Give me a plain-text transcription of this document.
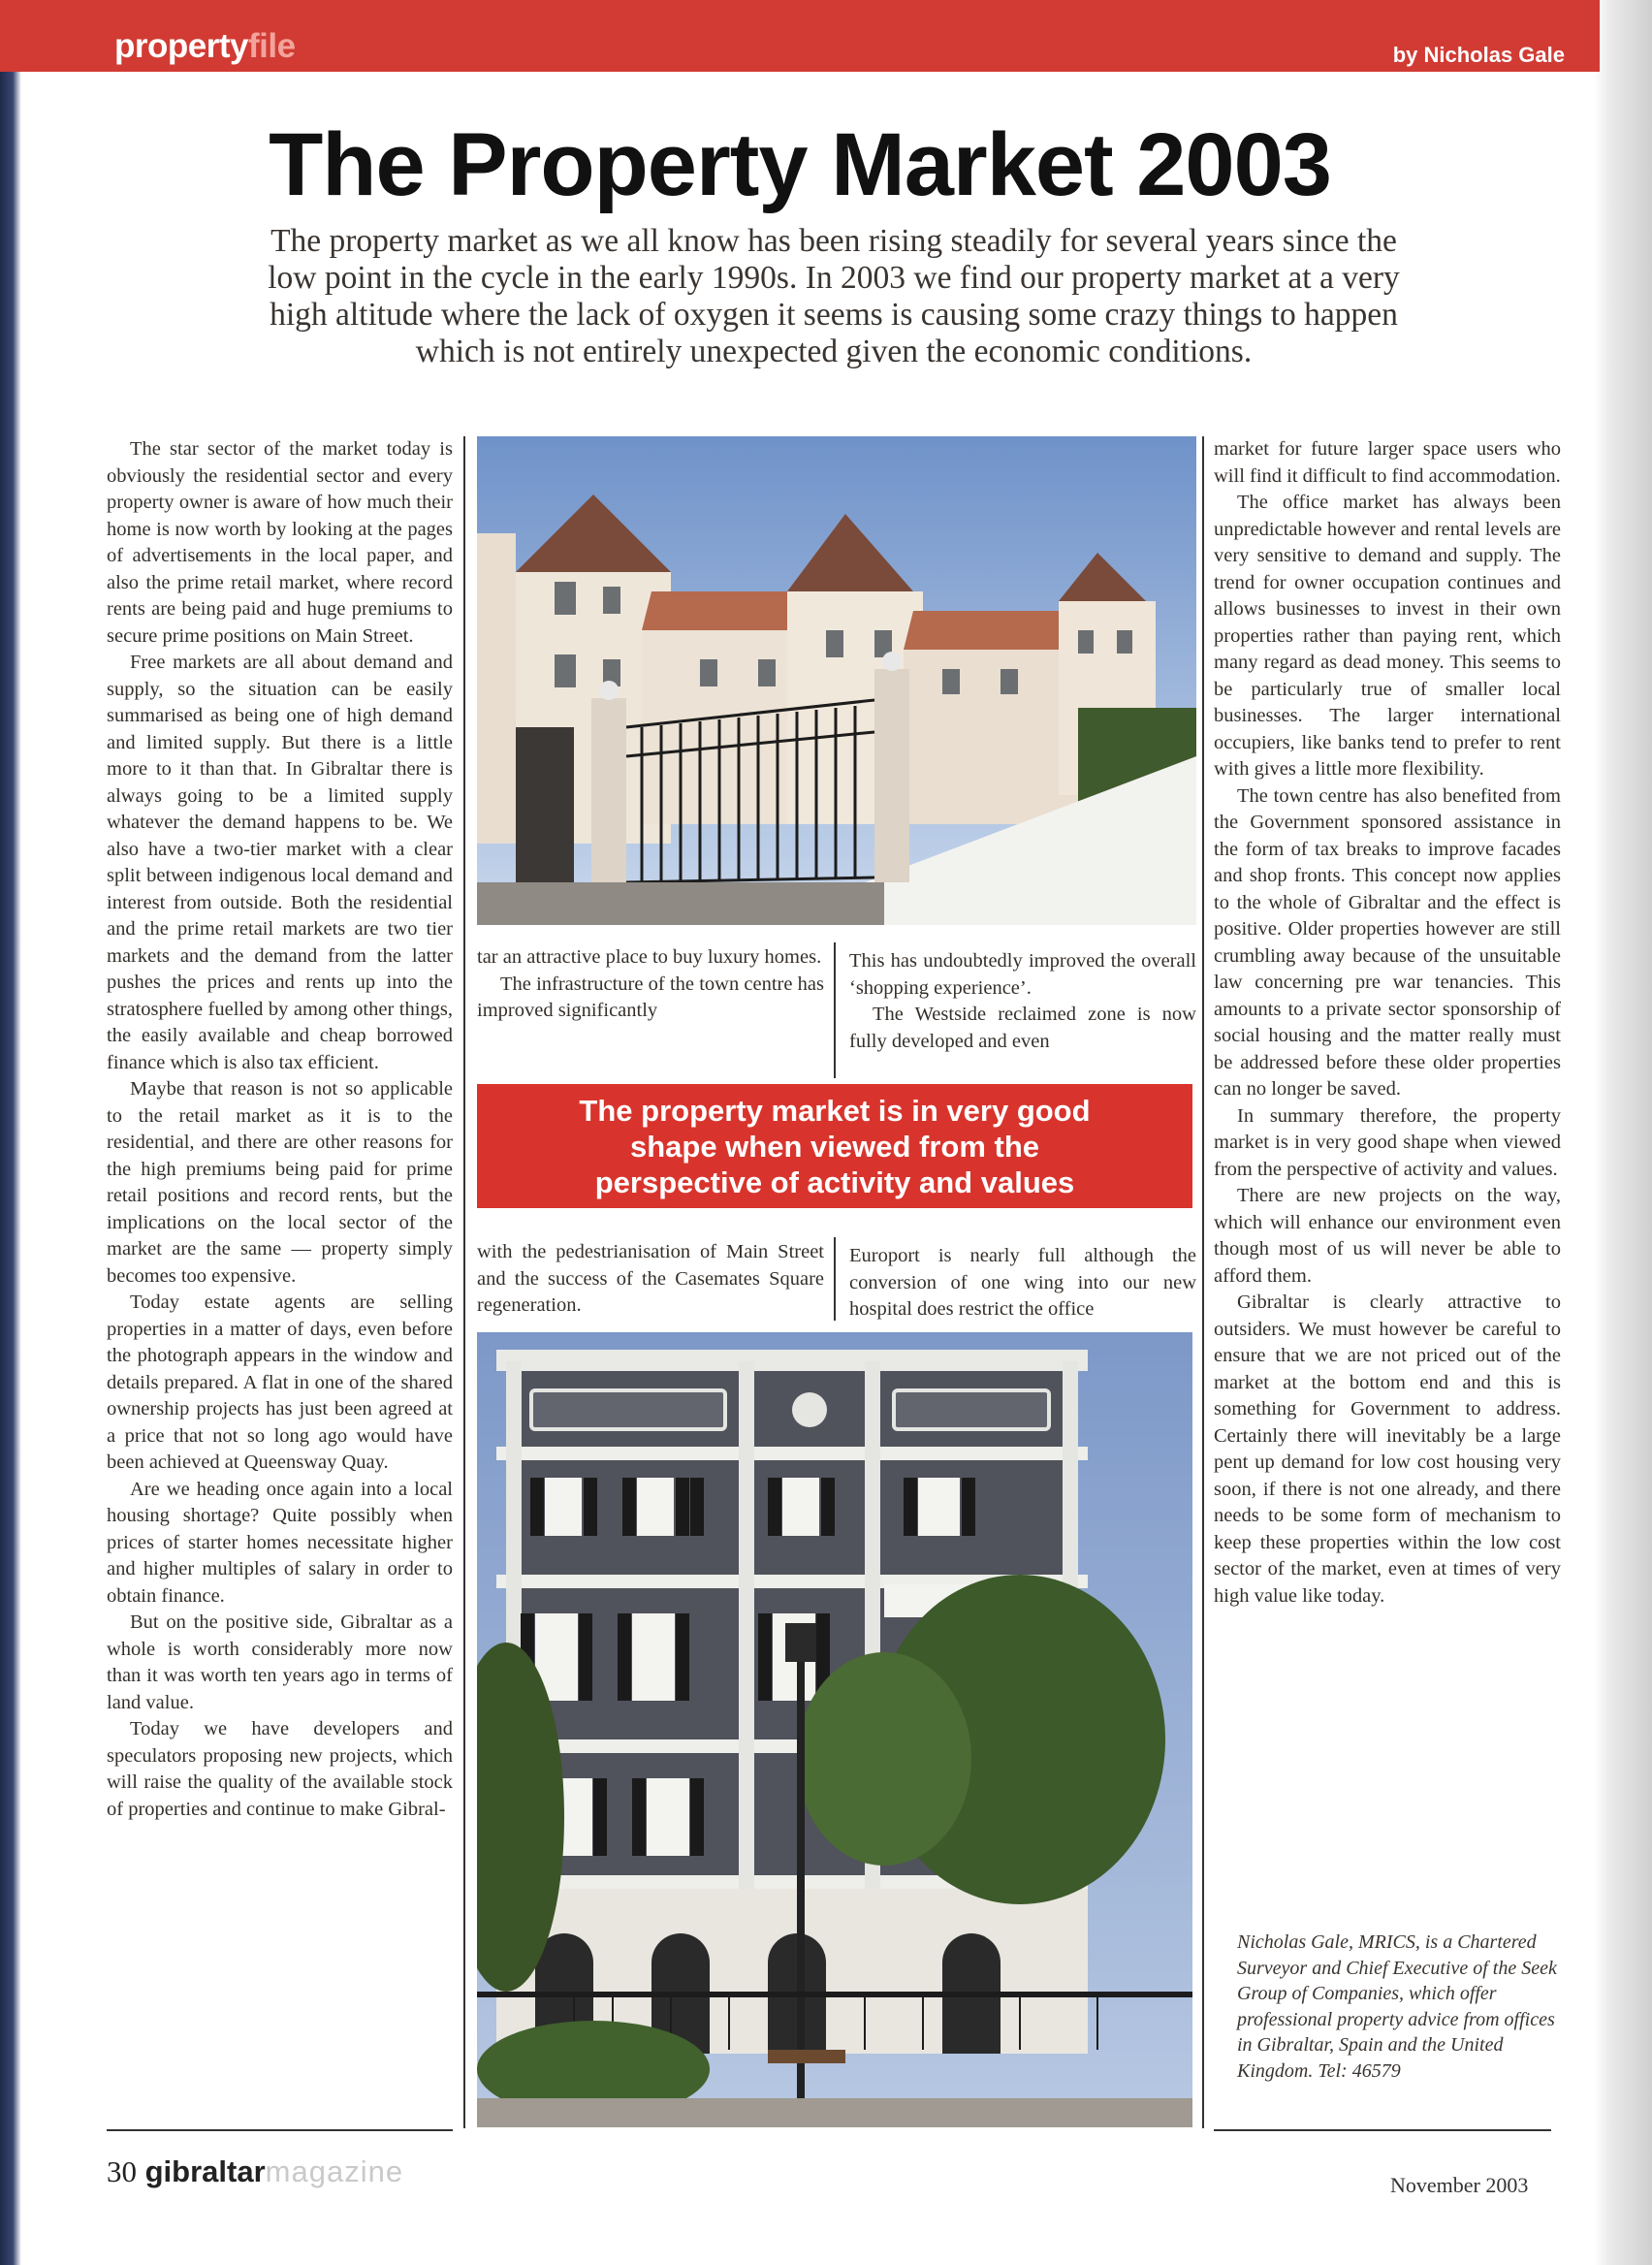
propertyfile	by Nicholas Gale
The Property Market 2003
The property market as we all know has been rising steadily for several years since the low point in the cycle in the early 1990s. In 2003 we find our property market at a very high altitude where the lack of oxygen it seems is causing some crazy things to happen which is not entirely unexpected given the economic conditions.

The star sector of the market today is obviously the residential sector and every property owner is aware of how much their home is now worth by looking at the pages of advertisements in the local paper, and also the prime retail market, where record rents are being paid and huge premiums to secure prime positions on Main Street.

Free markets are all about demand and supply, so the situation can be easily summarised as being one of high demand and limited supply. But there is a little more to it than that. In Gibraltar there is always going to be a limited supply whatever the demand happens to be. We also have a two-tier market with a clear split between indigenous local demand and interest from outside. Both the residential and the prime retail markets are two tier markets and the demand from the latter pushes the prices and rents up into the stratosphere fuelled by among other things, the easily available and cheap borrowed finance which is also tax efficient.

Maybe that reason is not so applicable to the retail market as it is to the residential, and there are other reasons for the high premiums being paid for prime retail positions and record rents, but the implications on the local sector of the market are the same — property simply becomes too expensive.

Today estate agents are selling properties in a matter of days, even before the photograph appears in the window and details prepared. A flat in one of the shared ownership projects has just been agreed at a price that not so long ago would have been achieved at Queensway Quay.

Are we heading once again into a local housing shortage? Quite possibly when prices of starter homes necessitate higher and higher multiples of salary in order to obtain finance.

But on the positive side, Gibraltar as a whole is worth considerably more now than it was worth ten years ago in terms of land value.

Today we have developers and speculators proposing new projects, which will raise the quality of the available stock of properties and continue to make Gibral-

tar an attractive place to buy luxury homes.

The infrastructure of the town centre has improved significantly

This has undoubtedly improved the overall ‘shopping experience’.

The Westside reclaimed zone is now fully developed and even

The property market is in very good shape when viewed from the perspective of activity and values

with the pedestrianisation of Main Street and the success of the Casemates Square regeneration.

Europort is nearly full although the conversion of one wing into our new hospital does restrict the office

market for future larger space users who will find it difficult to find accommodation.

The office market has always been unpredictable however and rental levels are very sensitive to demand and supply. The trend for owner occupation continues and allows businesses to invest in their own properties rather than paying rent, which many regard as dead money. This seems to be particularly true of smaller local businesses. The larger international occupiers, like banks tend to prefer to rent with gives a little more flexibility.

The town centre has also benefited from the Government sponsored assistance in the form of tax breaks to improve facades and shop fronts. This concept now applies to the whole of Gibraltar and the effect is positive. Older properties however are still crumbling away because of the unsuitable law concerning pre war tenancies. This amounts to a private sector sponsorship of social housing and the matter really must be addressed before these older properties can no longer be saved.

In summary therefore, the property market is in very good shape when viewed from the perspective of activity and values.

There are new projects on the way, which will enhance our environment even though most of us will never be able to afford them.

Gibraltar is clearly attractive to outsiders. We must however be careful to ensure that we are not priced out of the market at the bottom end and this is something for Government to address. Certainly there will inevitably be a large pent up demand for low cost housing very soon, if there is not one already, and there needs to be some form of mechanism to keep these properties within the low cost sector of the market, even at times of very high value like today.

Nicholas Gale, MRICS, is a Chartered Surveyor and Chief Executive of the Seek Group of Companies, which offer professional property advice from offices in Gibraltar, Spain and the United Kingdom. Tel: 46579
30 gibraltarmagazine	November 2003
